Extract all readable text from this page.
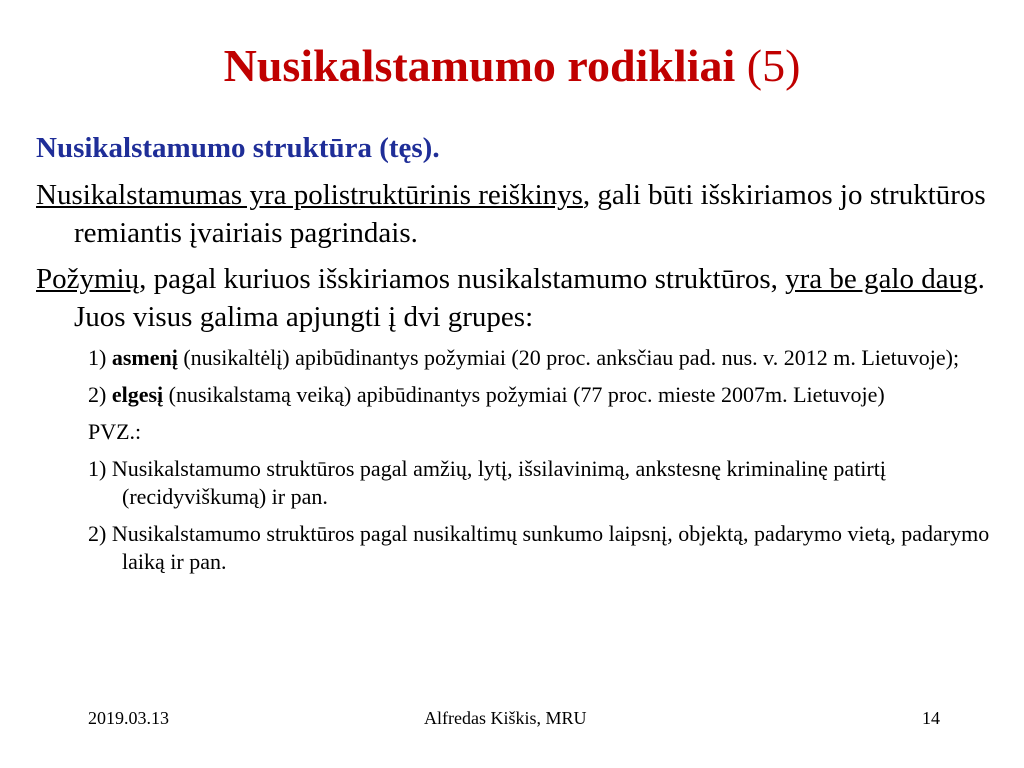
Nusikalstamumo rodikliai (5)
Nusikalstamumo struktūra (tęs).
Nusikalstamumas yra polistruktūrinis reiškinys, gali būti išskiriamos jo struktūros remiantis įvairiais pagrindais.
Požymių, pagal kuriuos išskiriamos nusikalstamumo struktūros, yra be galo daug. Juos visus galima apjungti į dvi grupes:
1) asmenį (nusikaltėlį) apibūdinantys požymiai (20 proc. anksčiau pad. nus. v. 2012 m. Lietuvoje);
2) elgesį (nusikalstamą veiką) apibūdinantys požymiai (77 proc. mieste 2007m. Lietuvoje)
PVZ.:
1) Nusikalstamumo struktūros pagal amžių, lytį, išsilavinimą, ankstesnę kriminalinę patirtį (recidyviškumą) ir pan.
2) Nusikalstamumo struktūros pagal nusikaltimų sunkumo laipsnį, objektą, padarymo vietą, padarymo laiką ir pan.
2019.03.13	Alfredas Kiškis, MRU	14
